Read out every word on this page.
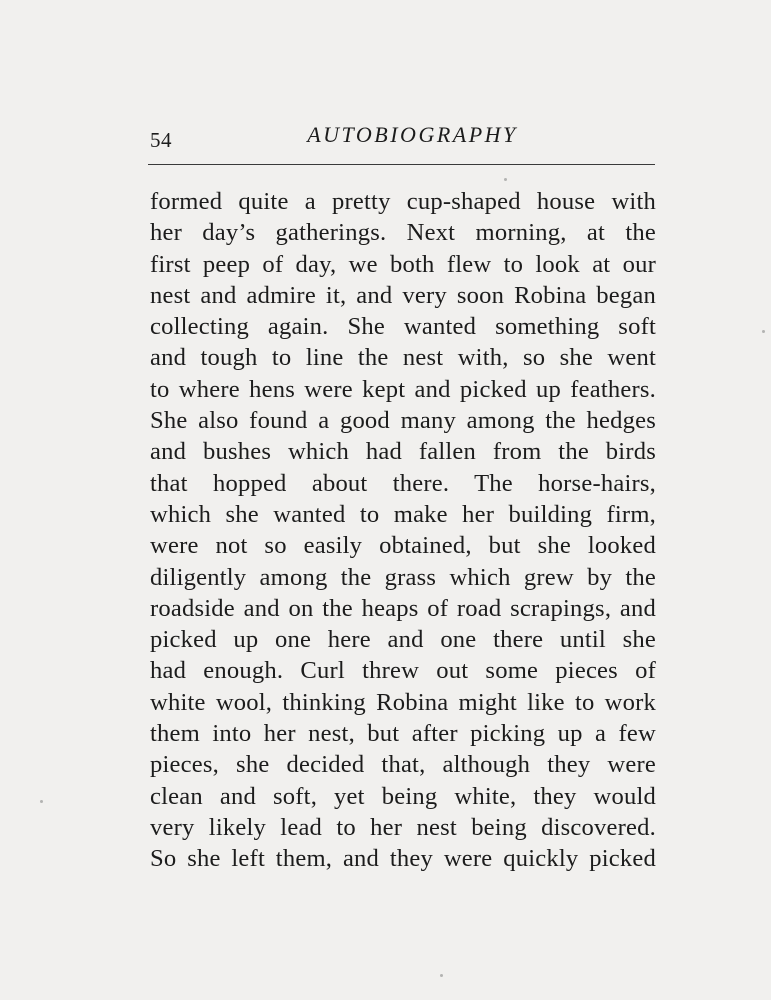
54	AUTOBIOGRAPHY
formed quite a pretty cup-shaped house with
her day’s gatherings. Next morning, at the
first peep of day, we both flew to look at our
nest and admire it, and very soon Robina began
collecting again. She wanted something soft
and tough to line the nest with, so she went
to where hens were kept and picked up feathers.
She also found a good many among the hedges
and bushes which had fallen from the birds
that hopped about there. The horse-hairs,
which she wanted to make her building firm,
were not so easily obtained, but she looked
diligently among the grass which grew by the
roadside and on the heaps of road scrapings, and
picked up one here and one there until she
had enough. Curl threw out some pieces of
white wool, thinking Robina might like to work
them into her nest, but after picking up a few
pieces, she decided that, although they were
clean and soft, yet being white, they would
very likely lead to her nest being discovered.
So she left them, and they were quickly picked
